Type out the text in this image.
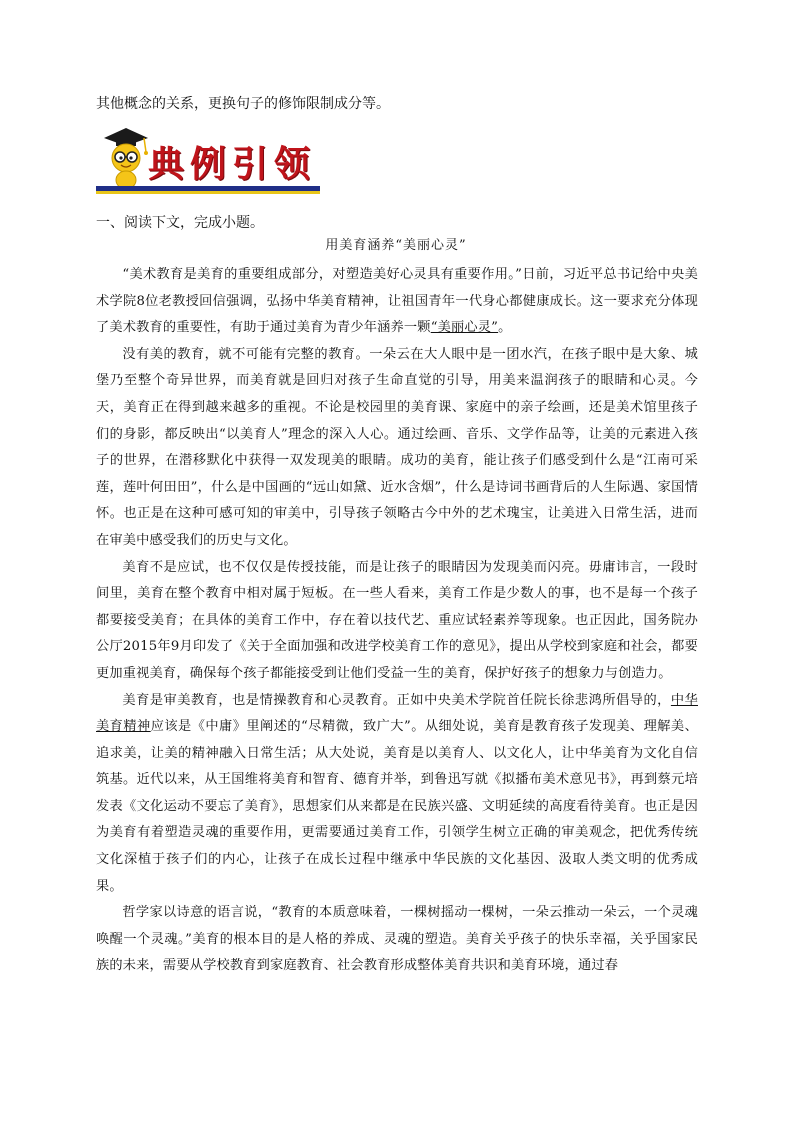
其他概念的关系，更换句子的修饰限制成分等。
典例引领
一、阅读下文，完成小题。
用美育涵养“美丽心灵”

“美术教育是美育的重要组成部分，对塑造美好心灵具有重要作用。”日前，习近平总书记给中央美术学院8位老教授回信强调，弘扬中华美育精神，让祖国青年一代身心都健康成长。这一要求充分体现了美术教育的重要性，有助于通过美育为青少年涵养一颗“美丽心灵”。

没有美的教育，就不可能有完整的教育。一朵云在大人眼中是一团水汽，在孩子眼中是大象、城堡乃至整个奇异世界，而美育就是回归对孩子生命直觉的引导，用美来温润孩子的眼睛和心灵。今天，美育正在得到越来越多的重视。不论是校园里的美育课、家庭中的亲子绘画，还是美术馆里孩子们的身影，都反映出“以美育人”理念的深入人心。通过绘画、音乐、文学作品等，让美的元素进入孩子的世界，在潜移默化中获得一双发现美的眼睛。成功的美育，能让孩子们感受到什么是“江南可采莲，莲叶何田田”，什么是中国画的“远山如黛、近水含烟”，什么是诗词书画背后的人生际遇、家国情怀。也正是在这种可感可知的审美中，引导孩子领略古今中外的艺术瑰宝，让美进入日常生活，进而在审美中感受我们的历史与文化。

美育不是应试，也不仅仅是传授技能，而是让孩子的眼睛因为发现美而闪亮。毋庸讳言，一段时间里，美育在整个教育中相对属于短板。在一些人看来，美育工作是少数人的事，也不是每一个孩子都要接受美育；在具体的美育工作中，存在着以技代艺、重应试轻素养等现象。也正因此，国务院办公厅2015年9月印发了《关于全面加强和改进学校美育工作的意见》，提出从学校到家庭和社会，都要更加重视美育，确保每个孩子都能接受到让他们受益一生的美育，保护好孩子的想象力与创造力。

美育是审美教育，也是情操教育和心灵教育。正如中央美术学院首任院长徐悲鸿所倡导的，中华美育精神应该是《中庸》里阐述的“尽精微，致广大”。从细处说，美育是教育孩子发现美、理解美、追求美，让美的精神融入日常生活；从大处说，美育是以美育人、以文化人，让中华美育为文化自信筑基。近代以来，从王国维将美育和智育、德育并举，到鲁迅写就《拟播布美术意见书》，再到蔡元培发表《文化运动不要忘了美育》，思想家们从来都是在民族兴盛、文明延续的高度看待美育。也正是因为美育有着塑造灵魂的重要作用，更需要通过美育工作，引领学生树立正确的审美观念，把优秀传统文化深植于孩子们的内心，让孩子在成长过程中继承中华民族的文化基因、汲取人类文明的优秀成果。

哲学家以诗意的语言说，“教育的本质意味着，一棵树摇动一棵树，一朵云推动一朵云，一个灵魂唤醒一个灵魂。”美育的根本目的是人格的养成、灵魂的塑造。美育关乎孩子的快乐幸福，关乎国家民族的未来，需要从学校教育到家庭教育、社会教育形成整体美育共识和美育环境，通过春
